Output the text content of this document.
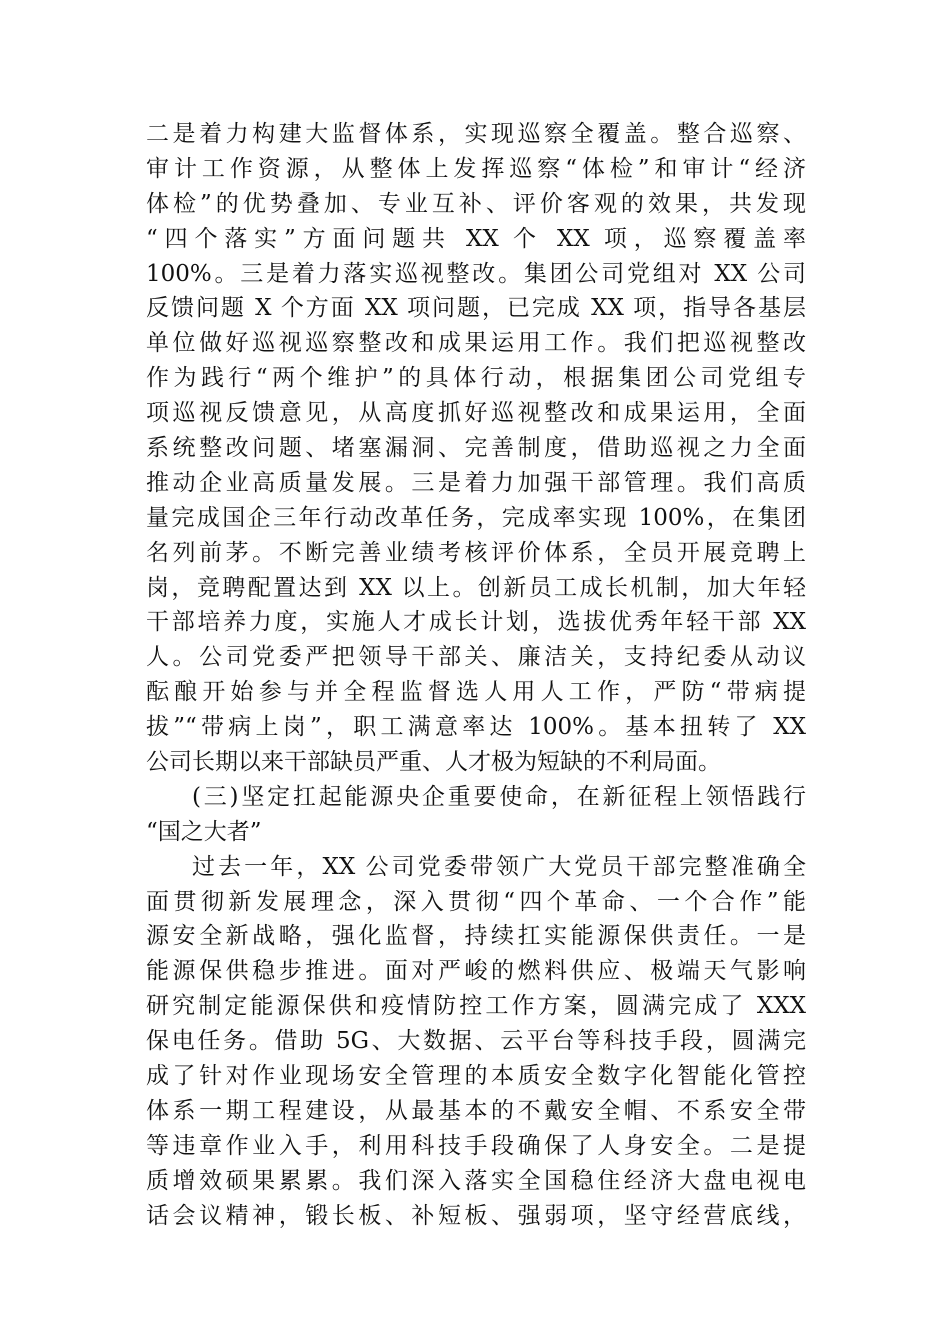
二是着力构建大监督体系，实现巡察全覆盖。整合巡察、
审计工作资源，从整体上发挥巡察“体检”和审计“经济
体检”的优势叠加、专业互补、评价客观的效果，共发现
“四个落实”方面问题共 XX 个 XX 项，巡察覆盖率
100%。三是着力落实巡视整改。集团公司党组对 XX 公司
反馈问题 X 个方面 XX 项问题，已完成 XX 项，指导各基层
单位做好巡视巡察整改和成果运用工作。我们把巡视整改
作为践行“两个维护”的具体行动，根据集团公司党组专
项巡视反馈意见，从高度抓好巡视整改和成果运用，全面
系统整改问题、堵塞漏洞、完善制度，借助巡视之力全面
推动企业高质量发展。三是着力加强干部管理。我们高质
量完成国企三年行动改革任务，完成率实现 100%，在集团
名列前茅。不断完善业绩考核评价体系，全员开展竞聘上
岗，竞聘配置达到 XX 以上。创新员工成长机制，加大年轻
干部培养力度，实施人才成长计划，选拔优秀年轻干部 XX
人。公司党委严把领导干部关、廉洁关，支持纪委从动议
酝酿开始参与并全程监督选人用人工作，严防“带病提
拔”“带病上岗”，职工满意率达 100%。基本扭转了 XX
公司长期以来干部缺员严重、人才极为短缺的不利局面。
(三)坚定扛起能源央企重要使命，在新征程上领悟践行
“国之大者”
过去一年，XX 公司党委带领广大党员干部完整准确全
面贯彻新发展理念，深入贯彻“四个革命、一个合作”能
源安全新战略，强化监督，持续扛实能源保供责任。一是
能源保供稳步推进。面对严峻的燃料供应、极端天气影响
研究制定能源保供和疫情防控工作方案，圆满完成了 XXX
保电任务。借助 5G、大数据、云平台等科技手段，圆满完
成了针对作业现场安全管理的本质安全数字化智能化管控
体系一期工程建设，从最基本的不戴安全帽、不系安全带
等违章作业入手，利用科技手段确保了人身安全。二是提
质增效硕果累累。我们深入落实全国稳住经济大盘电视电
话会议精神，锻长板、补短板、强弱项，坚守经营底线，
